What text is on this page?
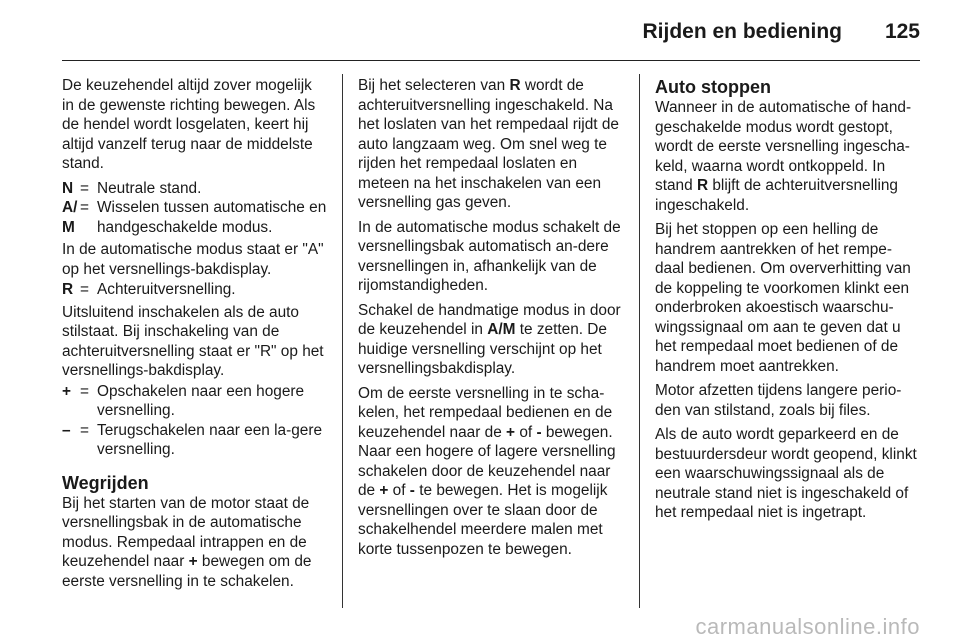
Rijden en bediening 125

De keuzehendel altijd zover mogelijk in de gewenste richting bewegen. Als de hendel wordt losgelaten, keert hij altijd vanzelf terug naar de middelste stand.

N = Neutrale stand.
A/
M
= Wisselen tussen automatische en handgeschakelde modus.
In de automatische modus staat er "A" op het versnellings-bakdisplay.
R = Achteruitversnelling.
Uitsluitend inschakelen als de auto stilstaat. Bij inschakeling van de achteruitversnelling staat er "R" op het versnellings-bakdisplay.
+ = Opschakelen naar een hogere versnelling.
– = Terugschakelen naar een la-gere versnelling.
Wegrijden

Bij het starten van de motor staat de versnellingsbak in de automatische modus. Rempedaal intrappen en de keuzehendel naar + bewegen om de eerste versnelling in te schakelen.

Bij het selecteren van R wordt de achteruitversnelling ingeschakeld. Na het loslaten van het rempedaal rijdt de auto langzaam weg. Om snel weg te rijden het rempedaal loslaten en meteen na het inschakelen van een versnelling gas geven.

In de automatische modus schakelt de versnellingsbak automatisch an-dere versnellingen in, afhankelijk van de rijomstandigheden.

Schakel de handmatige modus in door de keuzehendel in A/M te zetten. De huidige versnelling verschijnt op het versnellingsbakdisplay.

Om de eerste versnelling in te scha-kelen, het rempedaal bedienen en de keuzehendel naar de + of - bewegen. Naar een hogere of lagere versnelling schakelen door de keuzehendel naar de + of - te bewegen. Het is mogelijk versnellingen over te slaan door de schakelhendel meerdere malen met korte tussenpozen te bewegen.

Auto stoppen

Wanneer in de automatische of hand-geschakelde modus wordt gestopt, wordt de eerste versnelling ingescha-keld, waarna wordt ontkoppeld. In stand R blijft de achteruitversnelling ingeschakeld.

Bij het stoppen op een helling de handrem aantrekken of het rempe-daal bedienen. Om oververhitting van de koppeling te voorkomen klinkt een onderbroken akoestisch waarschu-wingssignaal om aan te geven dat u het rempedaal moet bedienen of de handrem moet aantrekken.

Motor afzetten tijdens langere perio-den van stilstand, zoals bij files.

Als de auto wordt geparkeerd en de bestuurdersdeur wordt geopend, klinkt een waarschuwingssignaal als de neutrale stand niet is ingeschakeld of het rempedaal niet is ingetrapt.

carmanualsonline.info
